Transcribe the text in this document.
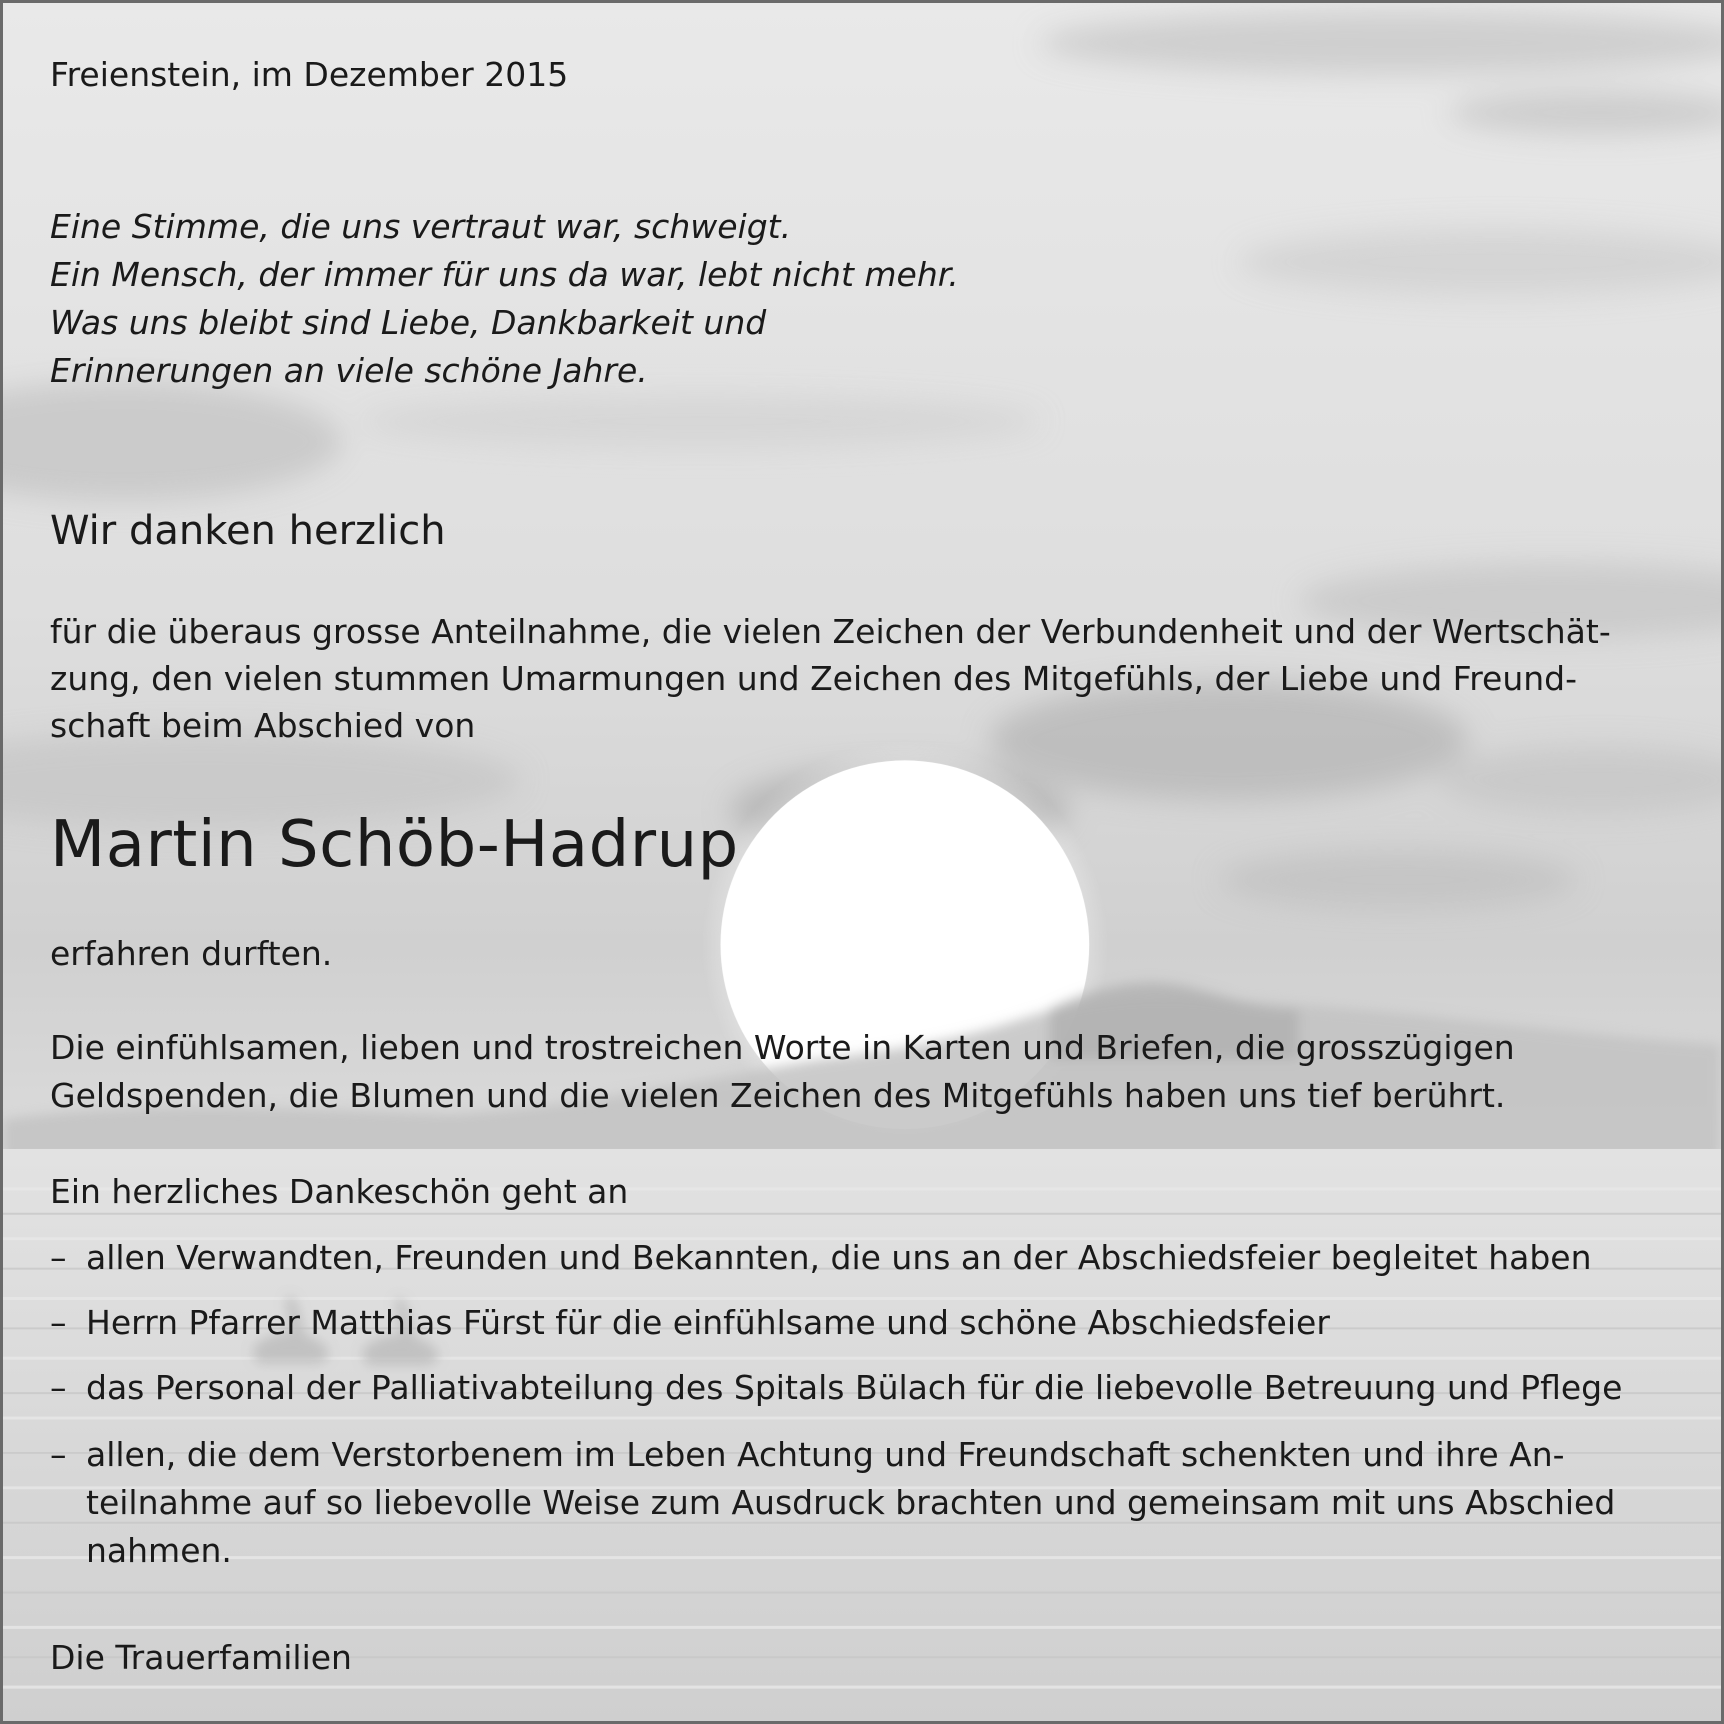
Freienstein, im Dezember 2015
Eine Stimme, die uns vertraut war, schweigt.
Ein Mensch, der immer für uns da war, lebt nicht mehr.
Was uns bleibt sind Liebe, Dankbarkeit und
Erinnerungen an viele schöne Jahre.
Wir danken herzlich
für die überaus grosse Anteilnahme, die vielen Zeichen der Verbundenheit und der Wertschät-
zung, den vielen stummen Umarmungen und Zeichen des Mitgefühls, der Liebe und Freund-
schaft beim Abschied von
Martin Schöb-Hadrup
erfahren durften.
Die einfühlsamen, lieben und trostreichen Worte in Karten und Briefen, die grosszügigen
Geldspenden, die Blumen und die vielen Zeichen des Mitgefühls haben uns tief berührt.
Ein herzliches Dankeschön geht an
– allen Verwandten, Freunden und Bekannten, die uns an der Abschiedsfeier begleitet haben
– Herrn Pfarrer Matthias Fürst für die einfühlsame und schöne Abschiedsfeier
– das Personal der Palliativabteilung des Spitals Bülach für die liebevolle Betreuung und Pflege
– allen, die dem Verstorbenem im Leben Achtung und Freundschaft schenkten und ihre An-
teilnahme auf so liebevolle Weise zum Ausdruck brachten und gemeinsam mit uns Abschied
nahmen.
Die Trauerfamilien
